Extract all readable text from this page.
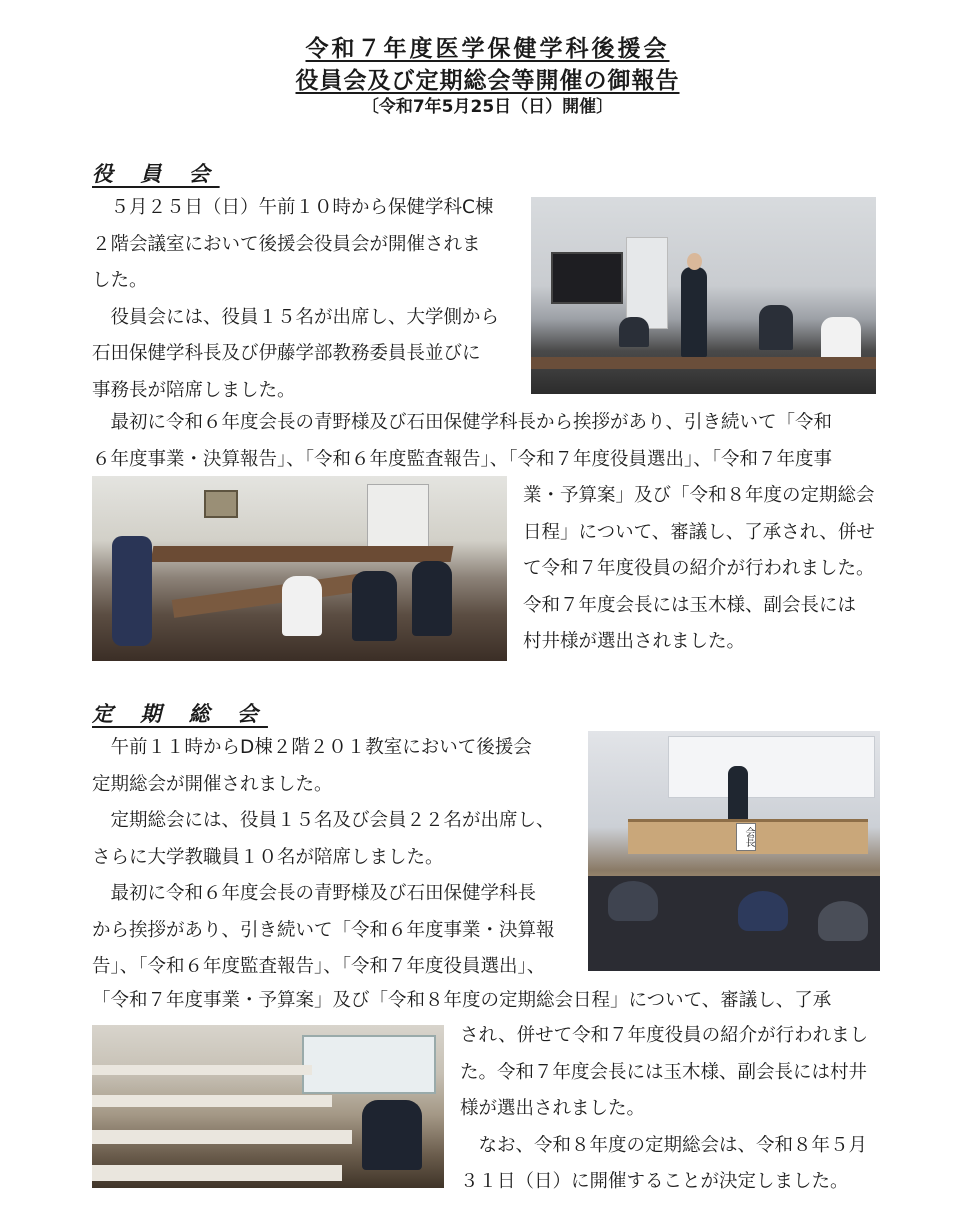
令和７年度医学保健学科後援会
役員会及び定期総会等開催の御報告
〔令和7年5月25日（日）開催〕
役 員 会

　５月２５日（日）午前１０時から保健学科C棟

２階会議室において後援会役員会が開催されま

した。

　役員会には、役員１５名が出席し、大学側から

石田保健学科長及び伊藤学部教務委員長並びに

事務長が陪席しました。

　最初に令和６年度会長の青野様及び石田保健学科長から挨拶があり、引き続いて「令和

６年度事業・決算報告」、「令和６年度監査報告」、「令和７年度役員選出」、「令和７年度事

業・予算案」及び「令和８年度の定期総会

日程」について、審議し、了承され、併せ

て令和７年度役員の紹介が行われました。

令和７年度会長には玉木様、副会長には

村井様が選出されました。

定 期 総 会

　午前１１時からD棟２階２０１教室において後援会

定期総会が開催されました。

　定期総会には、役員１５名及び会員２２名が出席し、

さらに大学教職員１０名が陪席しました。

　最初に令和６年度会長の青野様及び石田保健学科長

から挨拶があり、引き続いて「令和６年度事業・決算報

告」、「令和６年度監査報告」、「令和７年度役員選出」、

会長

「令和７年度事業・予算案」及び「令和８年度の定期総会日程」について、審議し、了承

され、併せて令和７年度役員の紹介が行われまし

た。令和７年度会長には玉木様、副会長には村井

様が選出されました。

　なお、令和８年度の定期総会は、令和８年５月

３１日（日）に開催することが決定しました。
